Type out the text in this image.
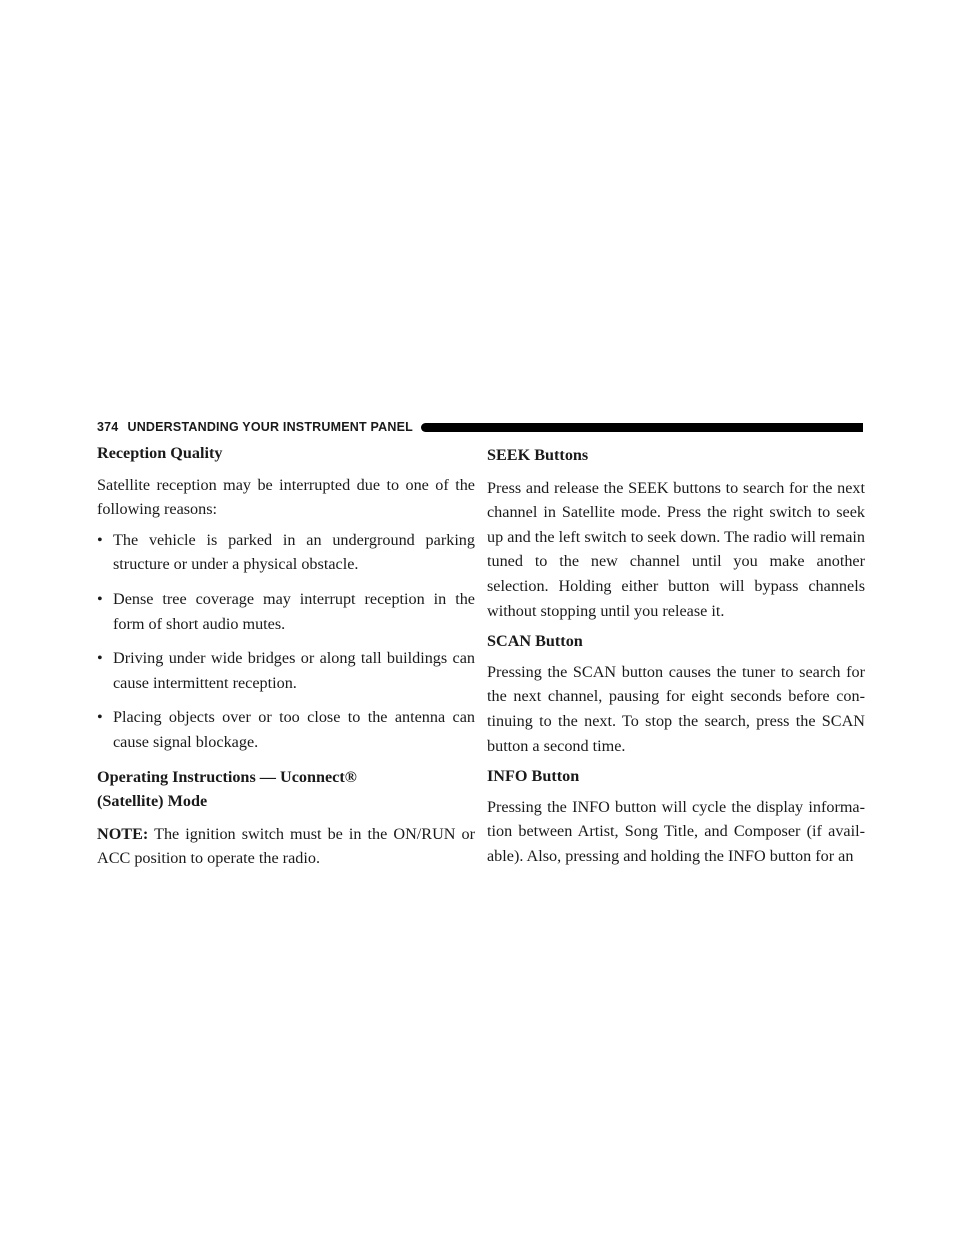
374 UNDERSTANDING YOUR INSTRUMENT PANEL
Reception Quality

Satellite reception may be interrupted due to one of the following reasons:

• The vehicle is parked in an underground parking structure or under a physical obstacle.
• Dense tree coverage may interrupt reception in the form of short audio mutes.
• Driving under wide bridges or along tall buildings can cause intermittent reception.
• Placing objects over or too close to the antenna can cause signal blockage.
Operating Instructions — Uconnect® (Satellite) Mode

NOTE: The ignition switch must be in the ON/RUN or ACC position to operate the radio.

SEEK Buttons

Press and release the SEEK buttons to search for the next channel in Satellite mode. Press the right switch to seek up and the left switch to seek down. The radio will remain tuned to the new channel until you make another selection. Holding either button will bypass channels without stopping until you release it.

SCAN Button

Pressing the SCAN button causes the tuner to search for the next channel, pausing for eight seconds before con-tinuing to the next. To stop the search, press the SCAN button a second time.

INFO Button

Pressing the INFO button will cycle the display informa-tion between Artist, Song Title, and Composer (if avail-able). Also, pressing and holding the INFO button for an
